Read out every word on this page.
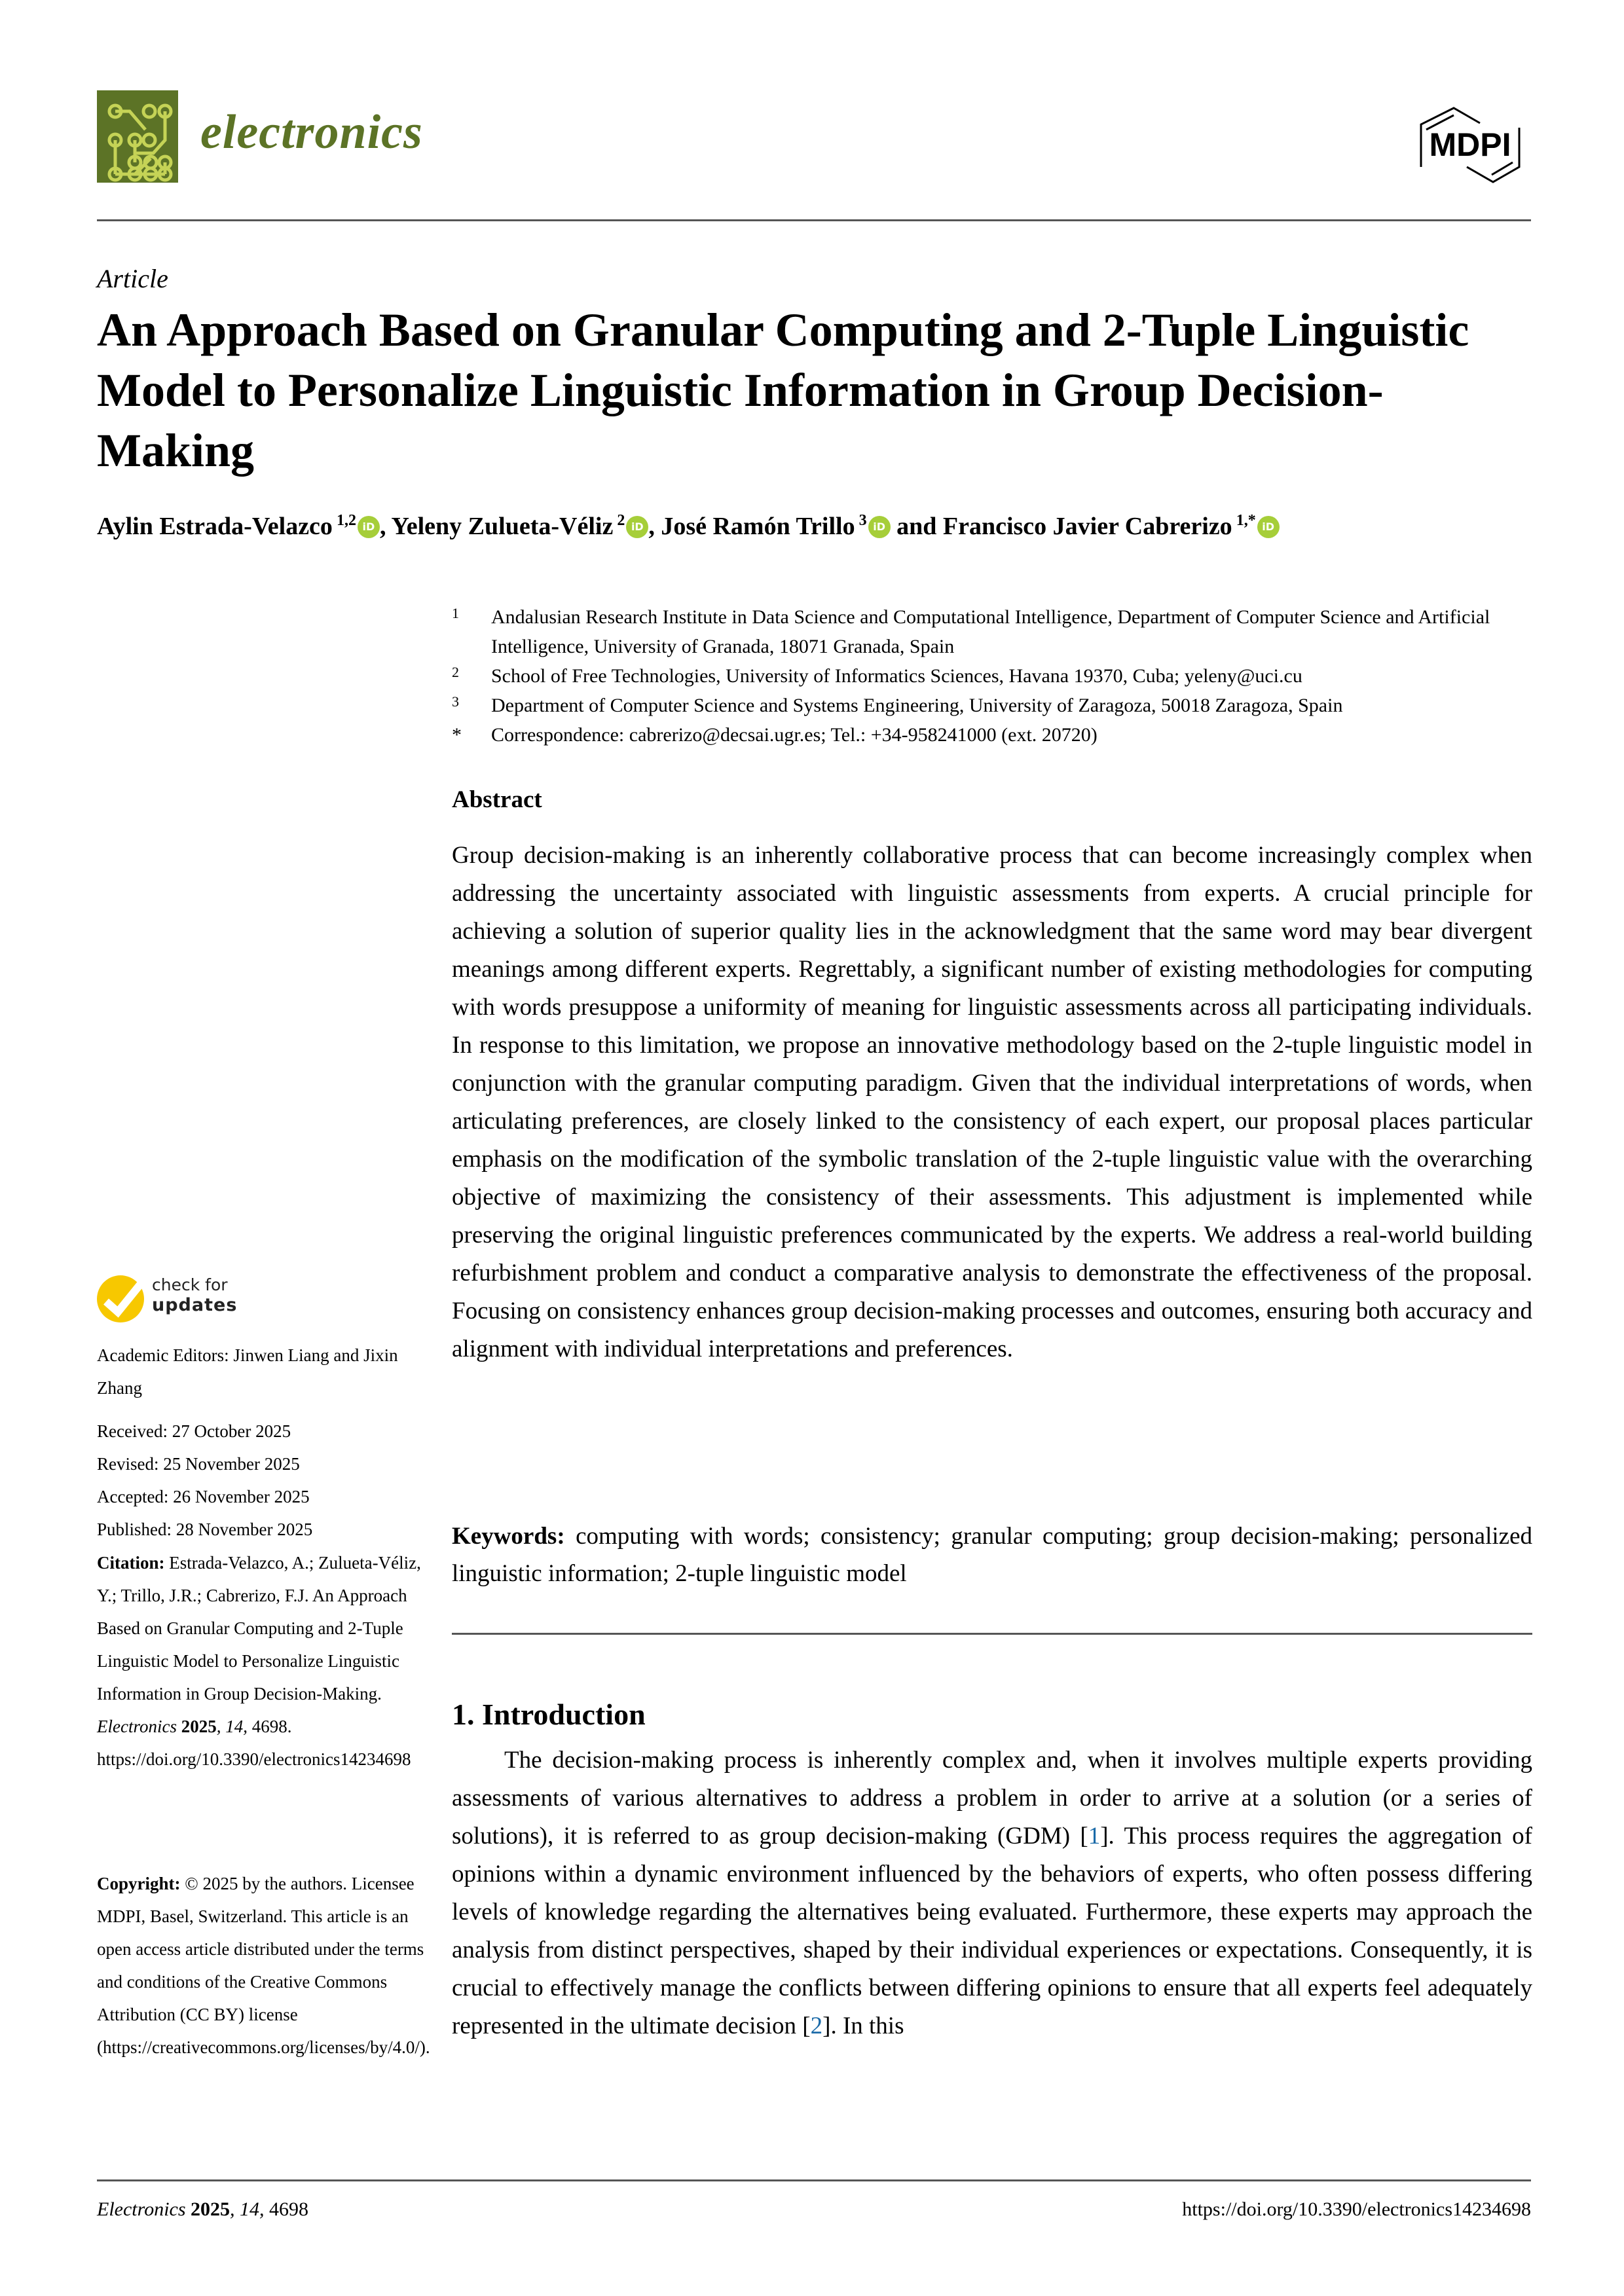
electronics	MDPI
Article
An Approach Based on Granular Computing and 2-Tuple Linguistic Model to Personalize Linguistic Information in Group Decision-Making
Aylin Estrada-Velazco $^{1,2}$ iD , Yeleny Zulueta-Véliz $^2$ iD , José Ramón Trillo $^3$ iD and Francisco Javier Cabrerizo $^{1,*}$ iD
1	Andalusian Research Institute in Data Science and Computational Intelligence, Department of Computer Science and Artificial Intelligence, University of Granada, 18071 Granada, Spain
2	School of Free Technologies, University of Informatics Sciences, Havana 19370, Cuba; yeleny@uci.cu
3	Department of Computer Science and Systems Engineering, University of Zaragoza, 50018 Zaragoza, Spain
*	Correspondence: cabrerizo@decsai.ugr.es; Tel.: +34-958241000 (ext. 20720)
Abstract
Group decision-making is an inherently collaborative process that can become increasingly complex when addressing the uncertainty associated with linguistic assessments from experts. A crucial principle for achieving a solution of superior quality lies in the acknowledgment that the same word may bear divergent meanings among different experts. Regrettably, a significant number of existing methodologies for computing with words presuppose a uniformity of meaning for linguistic assessments across all participating individuals. In response to this limitation, we propose an innovative methodology based on the 2-tuple linguistic model in conjunction with the granular computing paradigm. Given that the individual interpretations of words, when articulating preferences, are closely linked to the consistency of each expert, our proposal places particular emphasis on the modification of the symbolic translation of the 2-tuple linguistic value with the overarching objective of maximizing the consistency of their assessments. This adjustment is implemented while preserving the original linguistic preferences communicated by the experts. We address a real-world building refurbishment problem and conduct a comparative analysis to demonstrate the effectiveness of the proposal. Focusing on consistency enhances group decision-making processes and outcomes, ensuring both accuracy and alignment with individual interpretations and preferences.
Keywords: computing with words; consistency; granular computing; group decision-making; personalized linguistic information; 2-tuple linguistic model
1. Introduction
The decision-making process is inherently complex and, when it involves multiple experts providing assessments of various alternatives to address a problem in order to arrive at a solution (or a series of solutions), it is referred to as group decision-making (GDM) [1]. This process requires the aggregation of opinions within a dynamic environment influenced by the behaviors of experts, who often possess differing levels of knowledge regarding the alternatives being evaluated. Furthermore, these experts may approach the analysis from distinct perspectives, shaped by their individual experiences or expectations. Consequently, it is crucial to effectively manage the conflicts between differing opinions to ensure that all experts feel adequately represented in the ultimate decision [2]. In this
check for
updates

Academic Editors: Jinwen Liang and Jixin Zhang

Received: 27 October 2025

Revised: 25 November 2025

Accepted: 26 November 2025

Published: 28 November 2025

Citation: Estrada-Velazco, A.; Zulueta-Véliz, Y.; Trillo, J.R.; Cabrerizo, F.J. An Approach Based on Granular Computing and 2-Tuple Linguistic Model to Personalize Linguistic Information in Group Decision-Making. Electronics 2025, 14, 4698. https://doi.org/10.3390/electronics14234698
Copyright: © 2025 by the authors. Licensee MDPI, Basel, Switzerland. This article is an open access article distributed under the terms and conditions of the Creative Commons Attribution (CC BY) license (https://creativecommons.org/licenses/by/4.0/).
Electronics 2025, 14, 4698	https://doi.org/10.3390/electronics14234698
